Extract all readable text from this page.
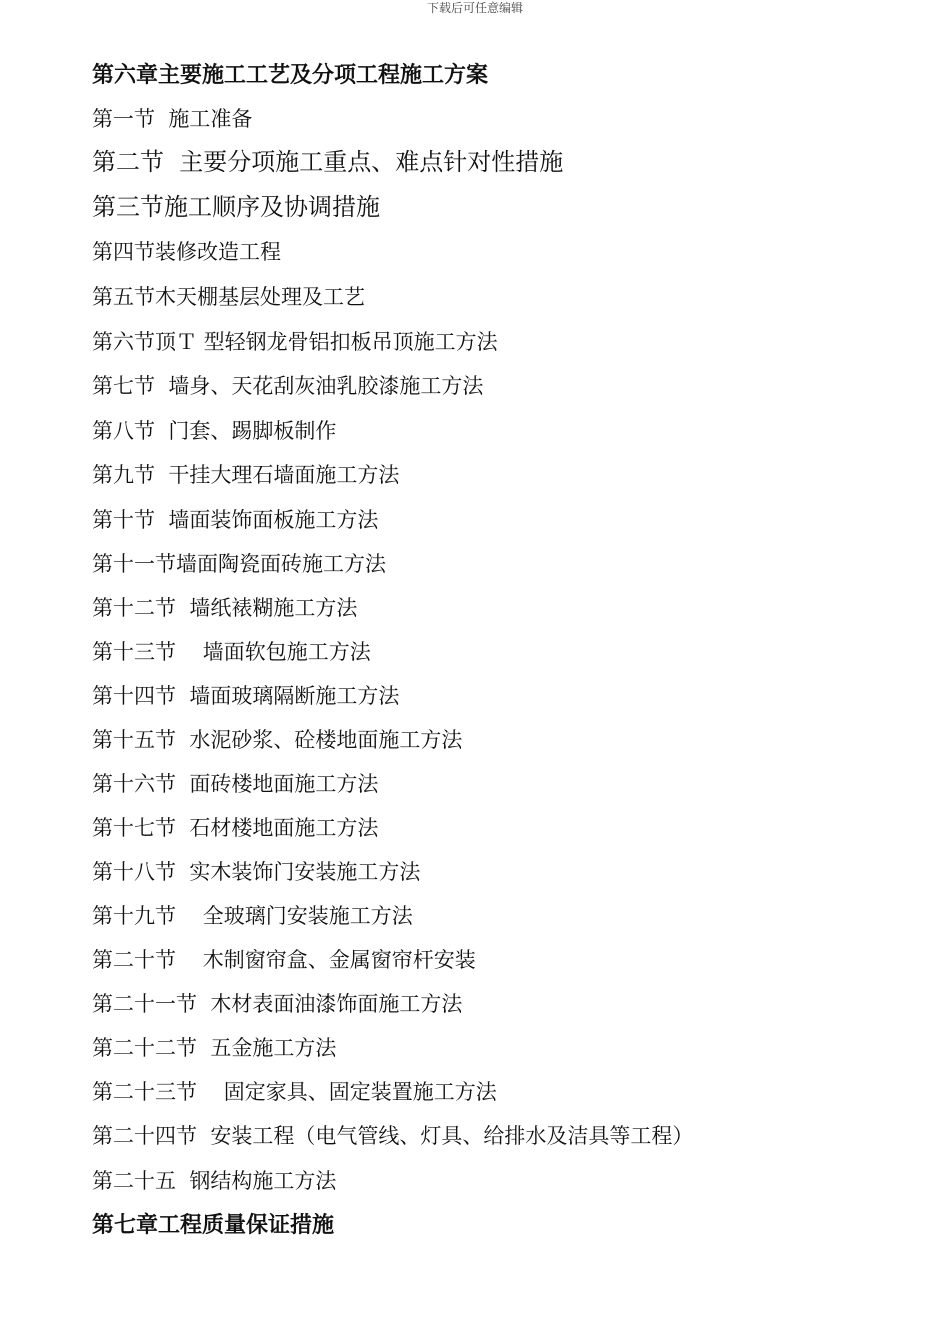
下载后可任意编辑
第六章主要施工工艺及分项工程施工方案
第一节  施工准备
第二节  主要分项施工重点、难点针对性措施
第三节施工顺序及协调措施
第四节装修改造工程
第五节木天棚基层处理及工艺
第六节顶Ｔ 型轻钢龙骨铝扣板吊顶施工方法
第七节  墙身、天花刮灰油乳胶漆施工方法
第八节  门套、踢脚板制作
第九节  干挂大理石墙面施工方法
第十节  墙面装饰面板施工方法
第十一节墙面陶瓷面砖施工方法
第十二节  墙纸裱糊施工方法
第十三节    墙面软包施工方法
第十四节  墙面玻璃隔断施工方法
第十五节  水泥砂浆、砼楼地面施工方法
第十六节  面砖楼地面施工方法
第十七节  石材楼地面施工方法
第十八节  实木装饰门安装施工方法
第十九节    全玻璃门安装施工方法
第二十节    木制窗帘盒、金属窗帘杆安装
第二十一节  木材表面油漆饰面施工方法
第二十二节  五金施工方法
第二十三节    固定家具、固定装置施工方法
第二十四节  安装工程（电气管线、灯具、给排水及洁具等工程）
第二十五  钢结构施工方法
第七章工程质量保证措施
